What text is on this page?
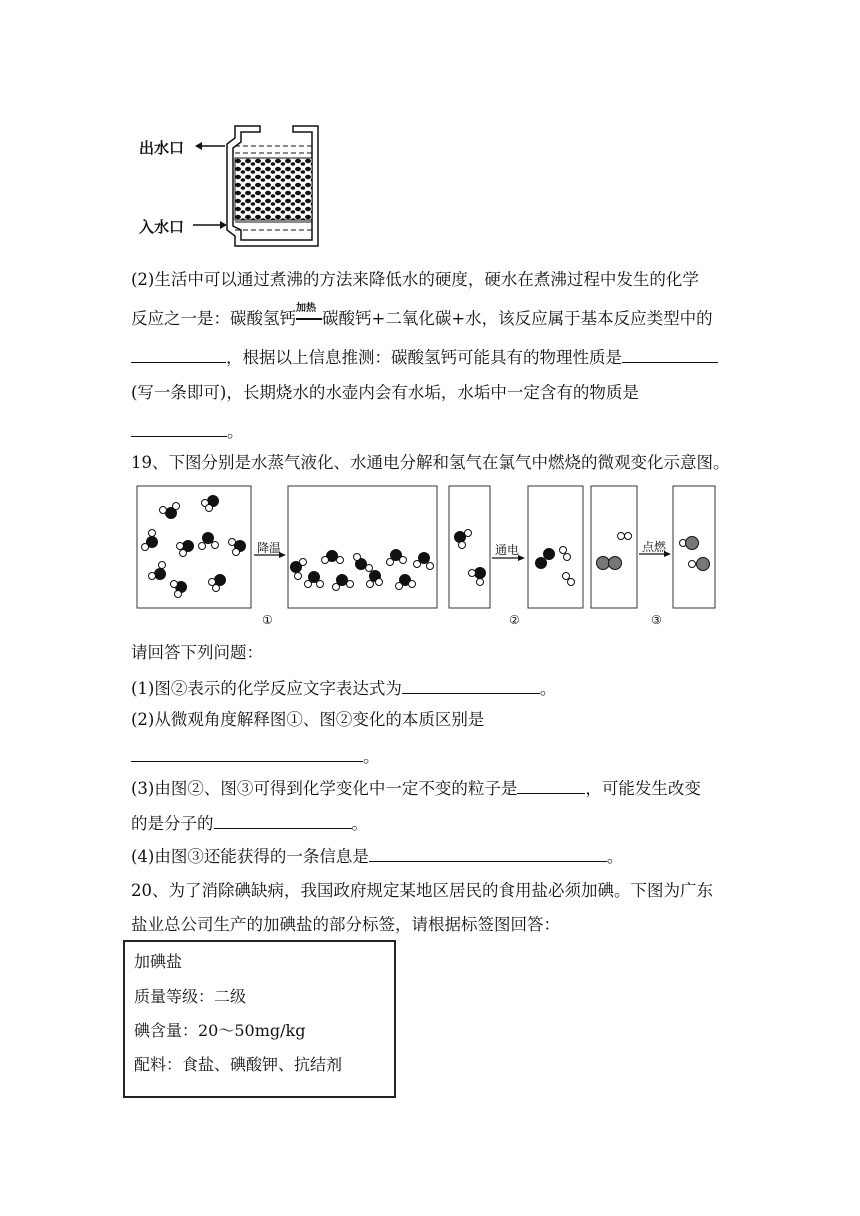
出水口
入水口
(2)生活中可以通过煮沸的方法来降低水的硬度，硬水在煮沸过程中发生的化学
反应之一是：碳酸氢钙
加热
碳酸钙+二氧化碳+水，该反应属于基本反应类型中的
，根据以上信息推测：碳酸氢钙可能具有的物理性质是
(写一条即可)，长期烧水的水壶内会有水垢，水垢中一定含有的物质是
。
19、下图分别是水蒸气液化、水通电分解和氢气在氯气中燃烧的微观变化示意图。
降温	通电	点燃
①	②	③
请回答下列问题：
(1)图②表示的化学反应文字表达式为	。
(2)从微观角度解释图①、图②变化的本质区别是
。
(3)由图②、图③可得到化学变化中一定不变的粒子是	，可能发生改变
的是分子的	。
(4)由图③还能获得的一条信息是	。
20、为了消除碘缺病，我国政府规定某地区居民的食用盐必须加碘。下图为广东
盐业总公司生产的加碘盐的部分标签，请根据标签图回答：
加碘盐
质量等级：二级
碘含量：20～50mg/kg
配料：食盐、碘酸钾、抗结剂
